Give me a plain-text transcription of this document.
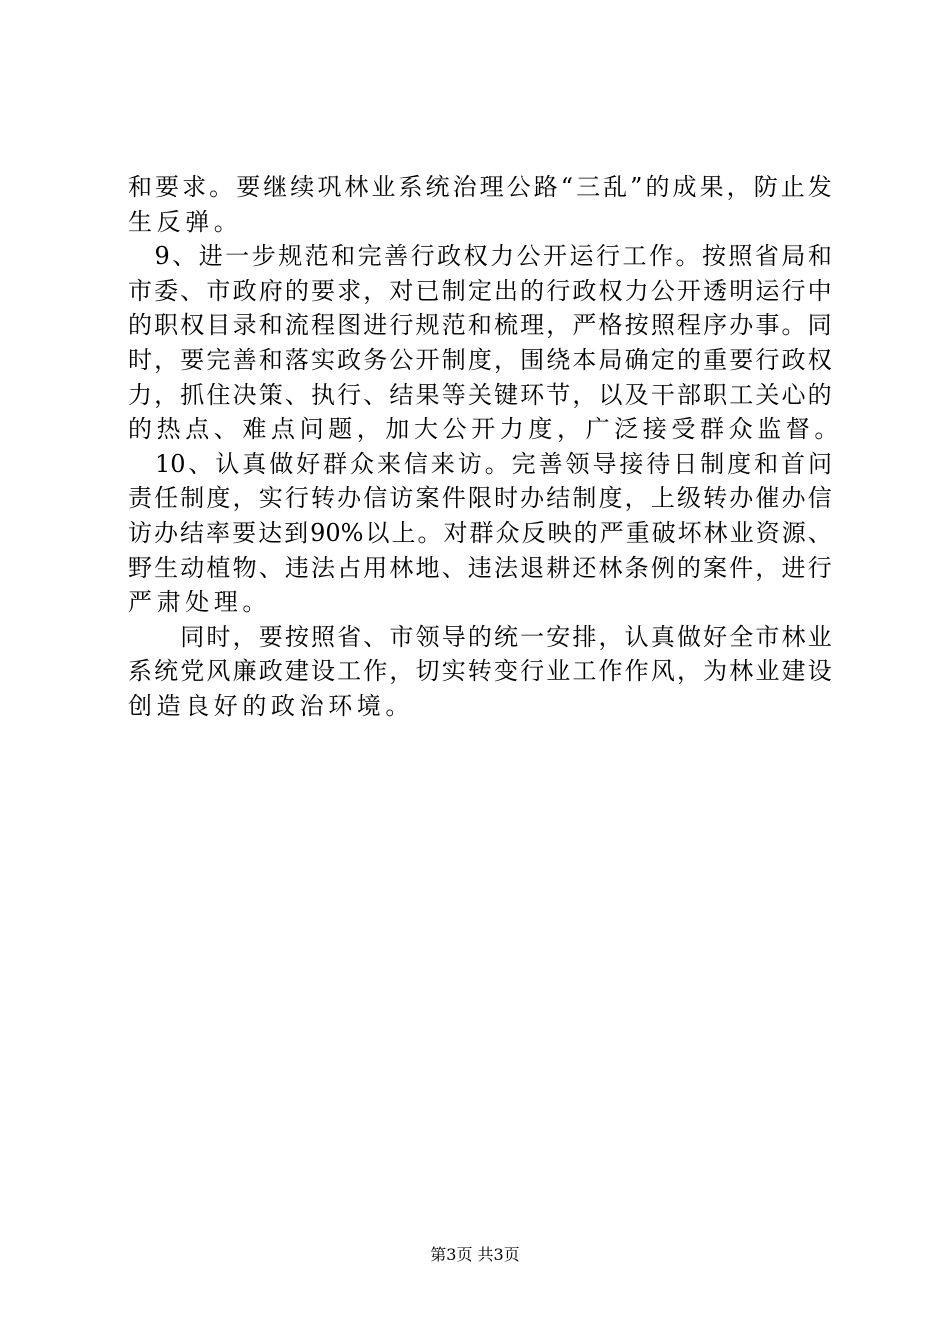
和 要 求 。 要 继 续 巩 林 业 系 统 治 理 公 路 “ 三 乱 ” 的 成 果 ， 防 止 发
生反弹。

9 、 进 一 步 规 范 和 完 善 行 政 权 力 公 开 运 行 工 作 。 按 照 省 局 和
市 委 、 市 政 府 的 要 求 ， 对 已 制 定 出 的 行 政 权 力 公 开 透 明 运 行 中
的 职 权 目 录 和 流 程 图 进 行 规 范 和 梳 理 ， 严 格 按 照 程 序 办 事 。 同
时 ， 要 完 善 和 落 实 政 务 公 开 制 度 ， 围 绕 本 局 确 定 的 重 要 行 政 权
力 ， 抓 住 决 策 、 执 行 、 结 果 等 关 键 环 节 ， 以 及 干 部 职 工 关 心 的
的热点、难点问题，加大公开力度，广泛接受群众监督。

10 、 认 真 做 好 群 众 来 信 来 访 。 完 善 领 导 接 待 日 制 度 和 首 问
责 任 制 度 ， 实 行 转 办 信 访 案 件 限 时 办 结 制 度 ， 上 级 转 办 催 办 信
访 办 结 率 要 达 到 90% 以 上 。 对 群 众 反 映 的 严 重 破 坏 林 业 资 源 、
野 生 动 植 物 、 违 法 占 用 林 地 、 违 法 退 耕 还 林 条 例 的 案 件 ， 进 行
严肃处理。

同 时 ， 要 按 照 省 、 市 领 导 的 统 一 安 排 ， 认 真 做 好 全 市 林 业
系 统 党 风 廉 政 建 设 工 作 ， 切 实 转 变 行 业 工 作 作 风 ， 为 林 业 建 设
创造良好的政治环境。
第3页 共3页
